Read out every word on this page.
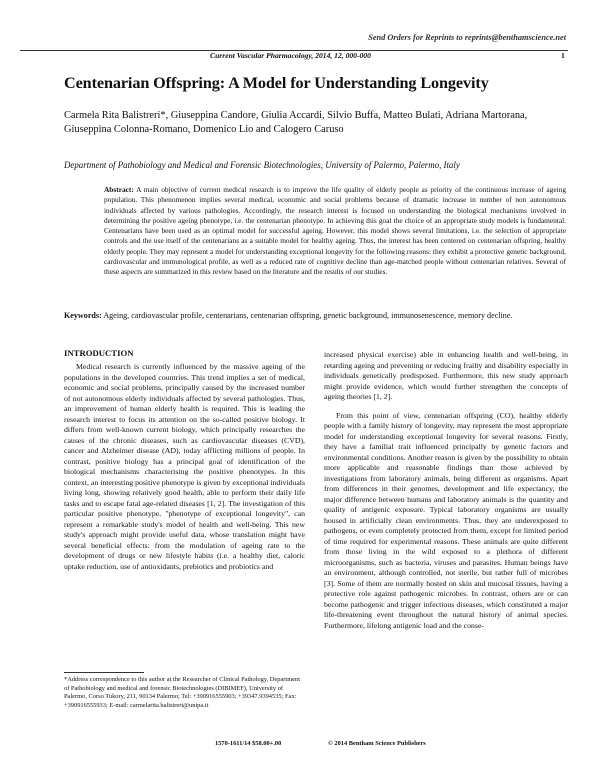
Send Orders for Reprints to reprints@benthamscience.net
Current Vascular Pharmacology, 2014, 12, 000-000	1
Centenarian Offspring: A Model for Understanding Longevity
Carmela Rita Balistreri*, Giuseppina Candore, Giulia Accardi, Silvio Buffa, Matteo Bulati, Adriana Martorana, Giuseppina Colonna-Romano, Domenico Lio and Calogero Caruso
Department of Pathobiology and Medical and Forensic Biotechnologies, University of Palermo, Palermo, Italy
Abstract: A main objective of current medical research is to improve the life quality of elderly people as priority of the continuous increase of ageing population. This phenomenon implies several medical, economic and social problems because of dramatic increase in number of non autonomous individuals affected by various pathologies. Accordingly, the research interest is focused on understanding the biological mechanisms involved in determining the positive ageing phenotype, i.e. the centenarian phenotype. In achieving this goal the choice of an appropriate study models is fundamental. Centenarians have been used as an optimal model for successful ageing. However, this model shows several limitations, i.e. the selection of appropriate controls and the use itself of the centenarians as a suitable model for healthy ageing. Thus, the interest has been centered on centenarian offspring, healthy elderly people. They may represent a model for understanding exceptional longevity for the following reasons: they exhibit a protective genetic background, cardiovascular and immunological profile, as well as a reduced rate of cognitive decline than age-matched people without centenarian relatives. Several of these aspects are summarized in this review based on the literature and the results of our studies.
Keywords: Ageing, cardiovascular profile, centenarians, centenarian offspring, genetic background, immunosenescence, memory decline.
INTRODUCTION

Medical research is currently influenced by the massive ageing of the populations in the developed countries. This trend implies a set of medical, economic and social problems, principally caused by the increased number of not autonomous elderly individuals affected by several pathologies. Thus, an improvement of human elderly health is required. This is leading the research interest to focus its attention on the so-called positive biology. It differs from well-known current biology, which principally researches the causes of the chronic diseases, such as cardiovascular diseases (CVD), cancer and Alzheimer disease (AD), today afflicting millions of people. In contrast, positive biology has a principal goal of identification of the biological mechanisms characterising the positive phenotypes. In this context, an interesting positive phenotype is given by exceptional individuals living long, showing relatively good health, able to perform their daily life tasks and to escape fatal age-related diseases [1, 2]. The investigation of this particular positive phenotype, "phenotype of exceptional longevity", can represent a remarkable study's model of health and well-being. This new study's approach might provide useful data, whose translation might have several beneficial effects: from the modulation of ageing rate to the development of drugs or new lifestyle habits (i.e. a healthy diet, caloric uptake reduction, use of antioxidants, prebiotics and probiotics and

increased physical exercise) able in enhancing health and well-being, in retarding ageing and preventing or reducing frailty and disability especially in individuals genetically predisposed. Furthermore, this new study approach might provide evidence, which would further strengthen the concepts of ageing theories [1, 2].

From this point of view, centenarian offspring (CO), healthy elderly people with a family history of longevity, may represent the most appropriate model for understanding exceptional longevity for several reasons. Firstly, they have a familial trait influenced principally by genetic factors and environmental conditions. Another reason is given by the possibility to obtain more applicable and reasonable findings than those achieved by investigations from laboratory animals, being different as organisms. Apart from differences in their genomes, development and life expectancy, the major difference between humans and laboratory animals is the quantity and quality of antigenic exposure. Typical laboratory organisms are usually housed in artificially clean environments. Thus, they are underexposed to pathogens, or even completely protected from them, except for limited period of time required for experimental reasons. These animals are quite different from those living in the wild exposed to a plethora of different microorganisms, such as bacteria, viruses and parasites. Human beings have an environment, although controlled, not sterile, but rather full of microbes [3]. Some of them are normally hosted on skin and mucosal tissues, having a protective role against pathogenic microbes. In contrast, others are or can become pathogenic and trigger infectious diseases, which constituted a major life-threatening event throughout the natural history of animal species. Furthermore, lifelong antigenic load and the conse-

*Address correspondence to this author at the Researcher of Clinical Pathology, Department of Pathobiology and medical and forensic Biotechnologies (DIBIMEF), University of Palermo, Corso Tukory, 211, 90134 Palermo; Tel: +390916555903; +39347.9394535; Fax: +390916555933; E-mail: carmelarita.balistreri@unipa.it
1570-1611/14 $58.00+.00	© 2014 Bentham Science Publishers
